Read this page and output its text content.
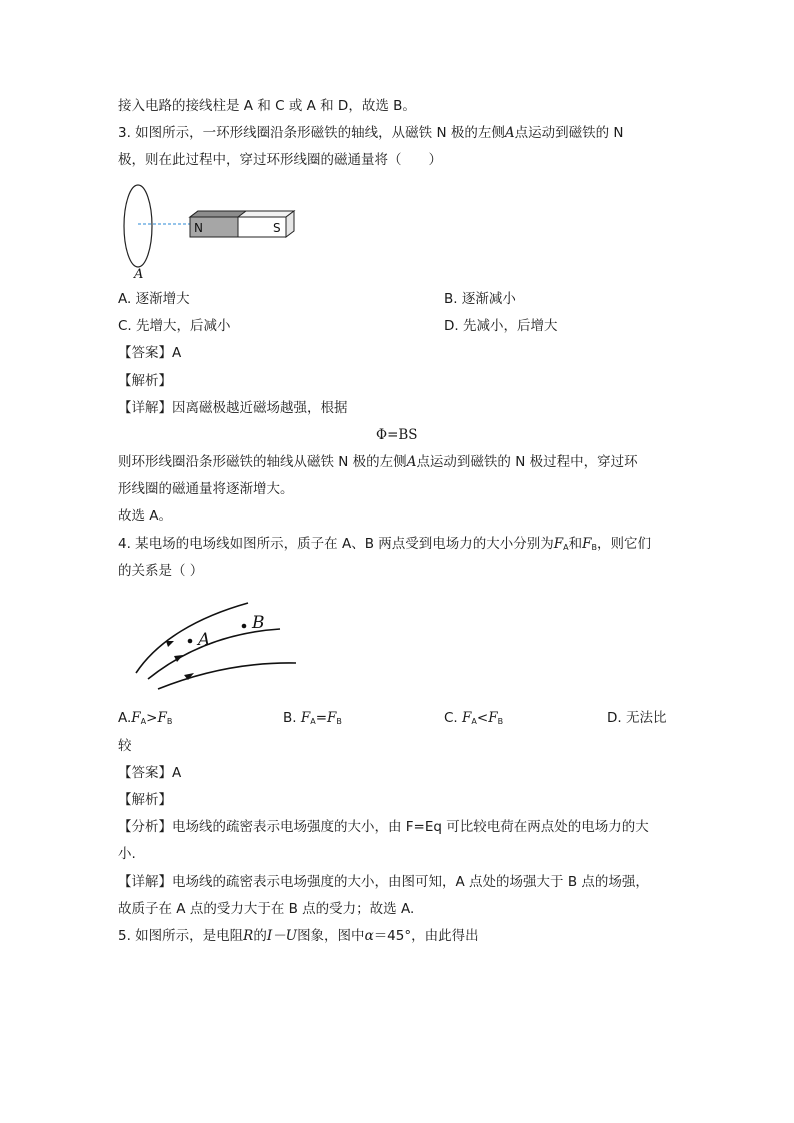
接入电路的接线柱是 A 和 C 或 A 和 D，故选 B。
3. 如图所示，一环形线圈沿条形磁铁的轴线，从磁铁 N 极的左侧A点运动到磁铁的 N
极，则在此过程中，穿过环形线圈的磁通量将（　　）
N	S
A
A. 逐渐增大	B. 逐渐减小
C. 先增大，后减小	D. 先减小，后增大
【答案】A
【解析】
【详解】因离磁极越近磁场越强，根据
Φ=BS
则环形线圈沿条形磁铁的轴线从磁铁 N 极的左侧A点运动到磁铁的 N 极过程中，穿过环
形线圈的磁通量将逐渐增大。
故选 A。
4. 某电场的电场线如图所示，质子在 A、B 两点受到电场力的大小分别为$F_A$和$F_B$，则它们
的关系是（ ）
A
B
$A.F_A>F_B$	B. $F_A=F_B$	C. $F_A<F_B$	D. 无法比
较
【答案】A
【解析】
【分析】电场线的疏密表示电场强度的大小，由 F=Eq 可比较电荷在两点处的电场力的大
小.
【详解】电场线的疏密表示电场强度的大小，由图可知，A 点处的场强大于 B 点的场强，
故质子在 A 点的受力大于在 B 点的受力；故选 A.
5. 如图所示，是电阻R的I－U图象，图中α＝45°，由此得出
